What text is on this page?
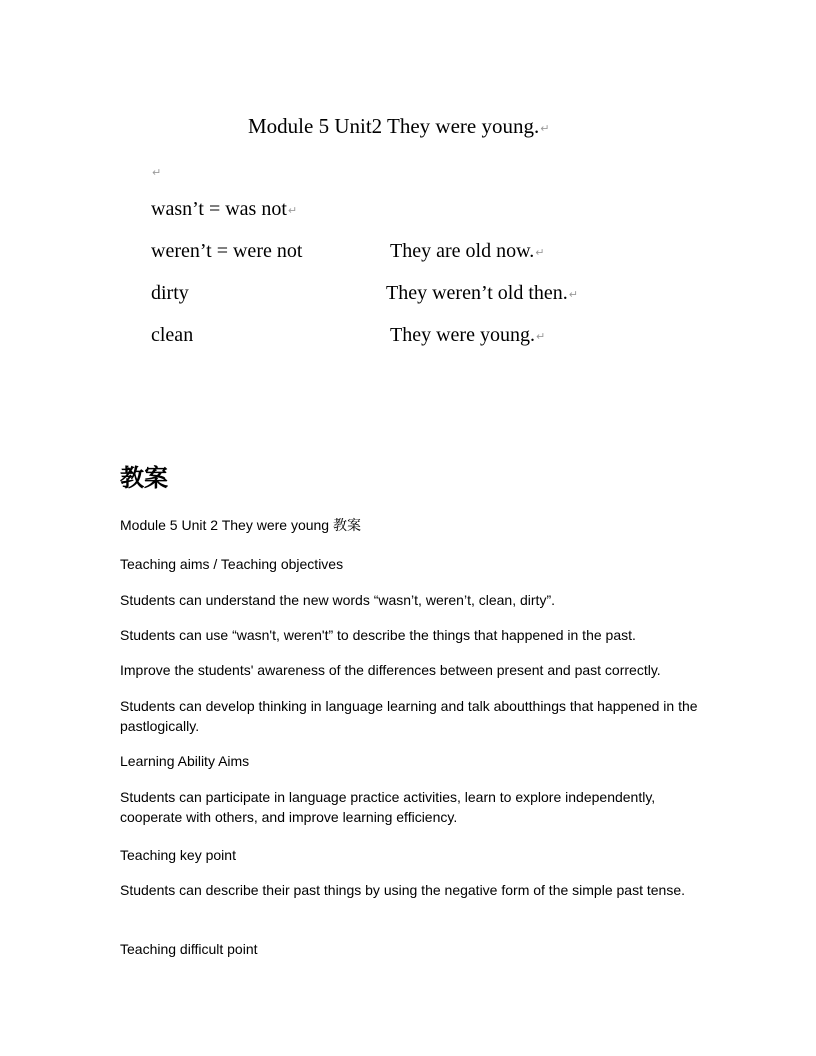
Module 5 Unit2 They were young.↵
↵
wasn’t = was not↵
weren’t = were not	They are old now.↵
dirty	They weren’t old then.↵
clean	They were young.↵
教案
Module 5 Unit 2 They were young 教案
Teaching aims / Teaching objectives
Students can understand the new words “wasn’t, weren’t, clean, dirty”.
Students can use “wasn't, weren't” to describe the things that happened in the past.
Improve the students' awareness of the differences between present and past correctly.
Students can develop thinking in language learning and talk aboutthings that happened in the pastlogically.
Learning Ability Aims
Students can participate in language practice activities, learn to explore independently, cooperate with others, and improve learning efficiency.
Teaching key point
Students can describe their past things by using the negative form of the simple past tense.
Teaching difficult point
